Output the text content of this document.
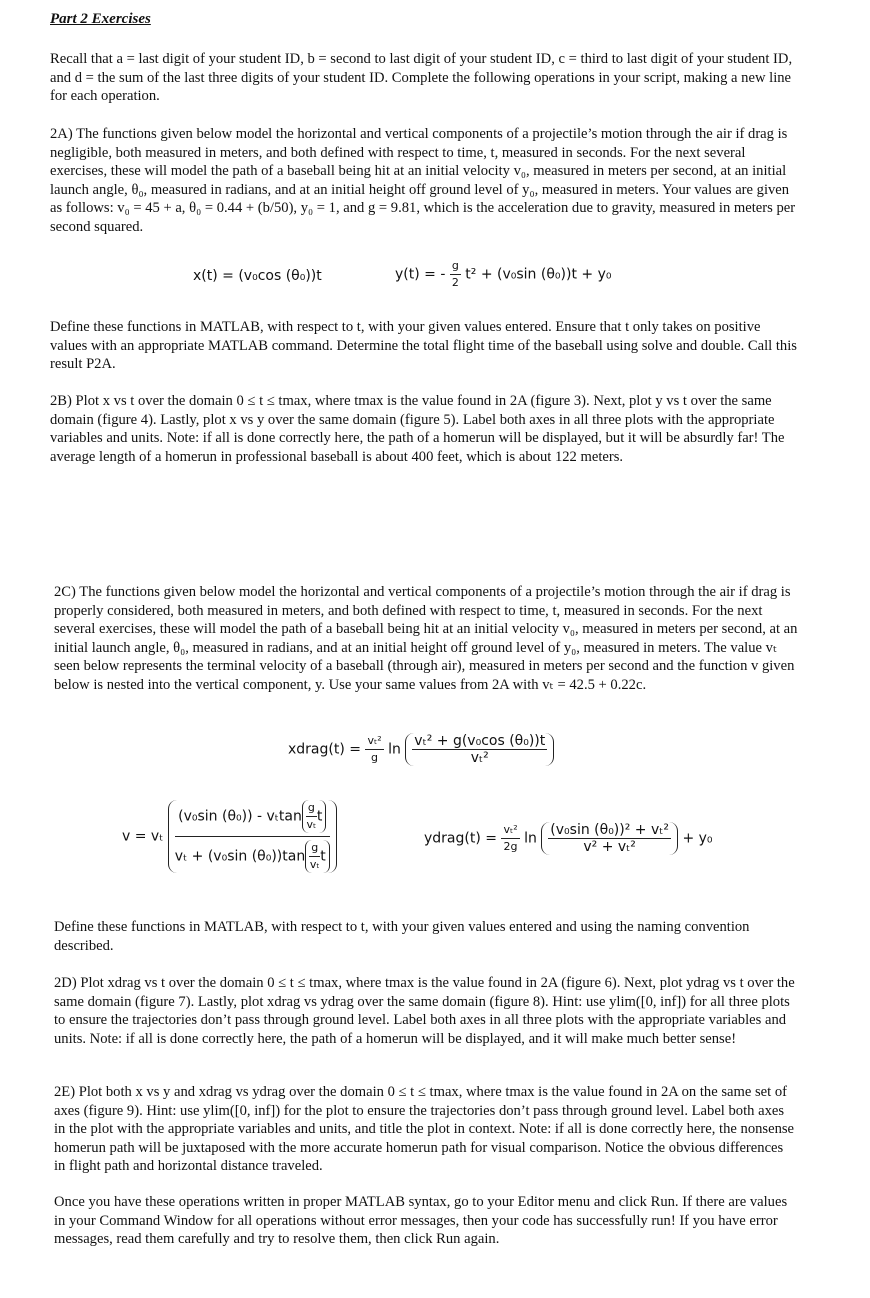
Part 2 Exercises

Recall that a = last digit of your student ID, b = second to last digit of your student ID, c = third to last digit of your student ID, and d = the sum of the last three digits of your student ID. Complete the following operations in your script, making a new line for each operation.

2A) The functions given below model the horizontal and vertical components of a projectile’s motion through the air if drag is negligible, both measured in meters, and both defined with respect to time, t, measured in seconds. For the next several exercises, these will model the path of a baseball being hit at an initial velocity v₀, measured in meters per second, at an initial launch angle, θ₀, measured in radians, and at an initial height off ground level of y₀, measured in meters. Your values are given as follows: v₀ = 45 + a, θ₀ = 0.44 + (b/50), y₀ = 1, and g = 9.81, which is the acceleration due to gravity, measured in meters per second squared.

x(t) = (v₀cos (θ₀))t	y(t) = - $\frac{g}{2} t^2 + (v_0\sin$ (θ₀))t + y₀

Define these functions in MATLAB, with respect to t, with your given values entered. Ensure that t only takes on positive values with an appropriate MATLAB command. Determine the total flight time of the baseball using solve and double. Call this result P2A.

2B) Plot x vs t over the domain 0 ≤ t ≤ tmax, where tmax is the value found in 2A (figure 3). Next, plot y vs t over the same domain (figure 4). Lastly, plot x vs y over the same domain (figure 5). Label both axes in all three plots with the appropriate variables and units. Note: if all is done correctly here, the path of a homerun will be displayed, but it will be absurdly far! The average length of a homerun in professional baseball is about 400 feet, which is about 122 meters.

2C) The functions given below model the horizontal and vertical components of a projectile’s motion through the air if drag is properly considered, both measured in meters, and both defined with respect to time, t, measured in seconds. For the next several exercises, these will model the path of a baseball being hit at an initial velocity v₀, measured in meters per second, at an initial launch angle, θ₀, measured in radians, and at an initial height off ground level of y₀, measured in meters. The value vₜ seen below represents the terminal velocity of a baseball (through air), measured in meters per second and the function v given below is nested into the vertical component, y. Use your same values from 2A with vₜ = 42.5 + 0.22c.

xdrag(t) = $\frac{\text{vₜ²}}{g}$ $\ln \frac{\text{vₜ² + g(v₀cos (θ₀))t}}{\text{vₜ²}}$
v = vₜ $\frac{(v_0\sin (\theta_0)) - v_t\tan \frac{g}{\text{vₜ}} t}{v_t + (v_0\sin (\theta_0))\tan \frac{g}{\text{vₜ}} t}$	ydrag(t) = $\frac{\text{vₜ²}}{2g}$ $\ln \frac{\text{(v₀sin (θ₀))² + vₜ²}}{\text{v² + vₜ²}} + y_0$

Define these functions in MATLAB, with respect to t, with your given values entered and using the naming convention described.

2D) Plot xdrag vs t over the domain 0 ≤ t ≤ tmax, where tmax is the value found in 2A (figure 6). Next, plot ydrag vs t over the same domain (figure 7). Lastly, plot xdrag vs ydrag over the same domain (figure 8). Hint: use ylim([0, inf]) for all three plots to ensure the trajectories don’t pass through ground level. Label both axes in all three plots with the appropriate variables and units. Note: if all is done correctly here, the path of a homerun will be displayed, and it will make much better sense!

2E) Plot both x vs y and xdrag vs ydrag over the domain 0 ≤ t ≤ tmax, where tmax is the value found in 2A on the same set of axes (figure 9). Hint: use ylim([0, inf]) for the plot to ensure the trajectories don’t pass through ground level. Label both axes in the plot with the appropriate variables and units, and title the plot in context. Note: if all is done correctly here, the nonsense homerun path will be juxtaposed with the more accurate homerun path for visual comparison. Notice the obvious differences in flight path and horizontal distance traveled.

Once you have these operations written in proper MATLAB syntax, go to your Editor menu and click Run. If there are values in your Command Window for all operations without error messages, then your code has successfully run! If you have error messages, read them carefully and try to resolve them, then click Run again.
